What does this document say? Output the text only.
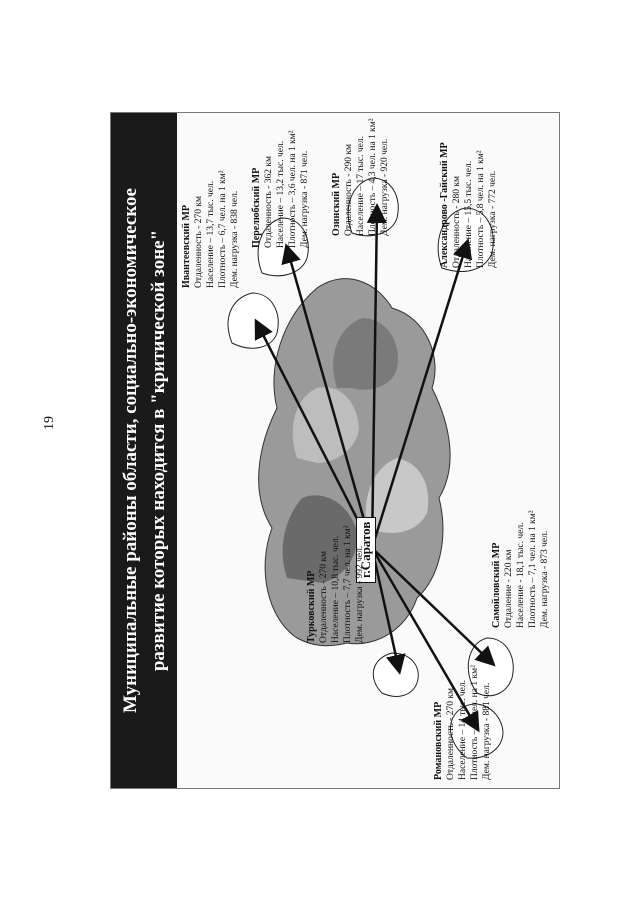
19	Муниципальные районы области, социально-экономическое развитие которых находится в "критической зоне"	г.Саратов
Романовский МР Отдаленность - 270 км Население – 14 тыс. чел. Плотность – 11 чел. на 1 км² Дем. нагрузка - 881 чел.
Турковский МР Отдаленность - 270 км Население – 10,8 тыс. чел. Плотность – 7,7 чел. на 1 км² Дем. нагрузка - 992 чел.	Самойловский МР Отдаление - 220 км Население - 18,1 тыс. чел. Плотность – 7,1 чел. на 1 км² Дем. нагрузка - 873 чел.
Ивантеевский МР Отдаленность - 270 км Население – 13,7 тыс. чел. Плотность – 6,7 чел. на 1 км² Дем. нагрузка - 838 чел. Перелюбский МР Отдаленность - 362 км Население – 13,2 тыс. чел. Плотность – 3,6 чел. на 1 км² Дем. нагрузка - 871 чел. Озинский МР Отдаленность - 290 км Население – 17 тыс. чел. Плотность – 4,3 чел. на 1 км² Дем. нагрузка - 920 чел.	Александрово -Гайский МР Отдаленность - 280 км Население – 15,5 тыс. чел. Плотность – 5,8 чел. на 1 км² Дем. нагрузка - 772 чел.
